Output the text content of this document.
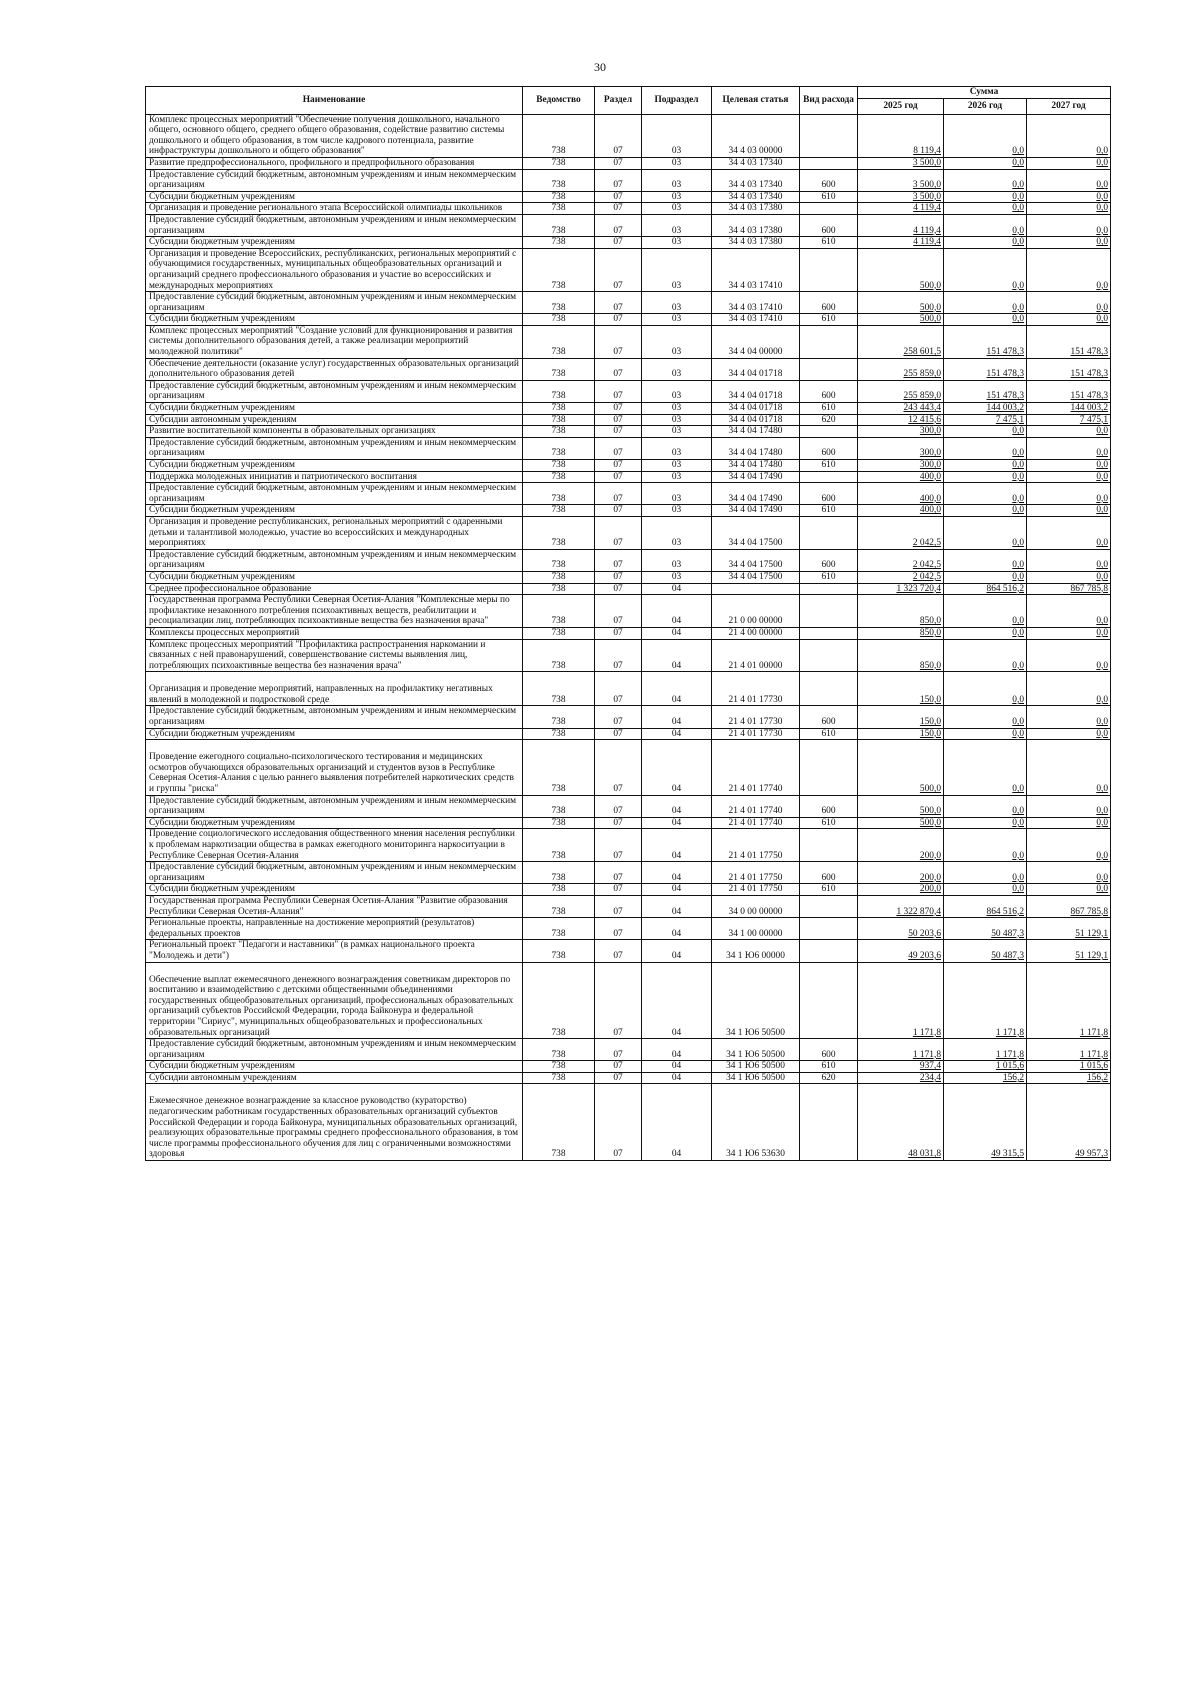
30
Наименование	Ведомство	Раздел	Подраздел	Целевая статья	Вид расхода	Сумма		
						2025 год	2026 год	2027 год
Комплекс процессных мероприятий "Обеспечение получения дошкольного, начального общего, основного общего, среднего общего образования, содействие развитию системы дошкольного и общего образования, в том числе кадрового потенциала, развитие инфраструктуры дошкольного и общего образования"	738	07	03	34 4 03 00000		8 119,4	0,0	0,0
Развитие предпрофессионального, профильного и предпрофильного образования	738	07	03	34 4 03 17340		3 500,0	0,0	0,0
Предоставление субсидий бюджетным, автономным учреждениям и иным некоммерческим организациям	738	07	03	34 4 03 17340	600	3 500,0	0,0	0,0
Субсидии бюджетным учреждениям	738	07	03	34 4 03 17340	610	3 500,0	0,0	0,0
Организация и проведение регионального этапа Всероссийской олимпиады школьников	738	07	03	34 4 03 17380		4 119,4	0,0	0,0
Предоставление субсидий бюджетным, автономным учреждениям и иным некоммерческим организациям	738	07	03	34 4 03 17380	600	4 119,4	0,0	0,0
Субсидии бюджетным учреждениям	738	07	03	34 4 03 17380	610	4 119,4	0,0	0,0
Организация и проведение Всероссийских, республиканских, региональных мероприятий с обучающимися государственных, муниципальных общеобразовательных организаций и организаций среднего профессионального образования и участие во всероссийских и международных мероприятиях	738	07	03	34 4 03 17410		500,0	0,0	0,0
Предоставление субсидий бюджетным, автономным учреждениям и иным некоммерческим организациям	738	07	03	34 4 03 17410	600	500,0	0,0	0,0
Субсидии бюджетным учреждениям	738	07	03	34 4 03 17410	610	500,0	0,0	0,0
Комплекс процессных мероприятий "Создание условий для функционирования и развития системы дополнительного образования детей, а также реализации мероприятий молодежной политики"	738	07	03	34 4 04 00000		258 601,5	151 478,3	151 478,3
Обеспечение деятельности (оказание услуг) государственных образовательных организаций дополнительного образования детей	738	07	03	34 4 04 01718		255 859,0	151 478,3	151 478,3
Предоставление субсидий бюджетным, автономным учреждениям и иным некоммерческим организациям	738	07	03	34 4 04 01718	600	255 859,0	151 478,3	151 478,3
Субсидии бюджетным учреждениям	738	07	03	34 4 04 01718	610	243 443,4	144 003,2	144 003,2
Субсидии автономным учреждениям	738	07	03	34 4 04 01718	620	12 415,6	7 475,1	7 475,1
Развитие воспитательной компоненты в образовательных организациях	738	07	03	34 4 04 17480		300,0	0,0	0,0
Предоставление субсидий бюджетным, автономным учреждениям и иным некоммерческим организациям	738	07	03	34 4 04 17480	600	300,0	0,0	0,0
Субсидии бюджетным учреждениям	738	07	03	34 4 04 17480	610	300,0	0,0	0,0
Поддержка молодежных инициатив и патриотического воспитания	738	07	03	34 4 04 17490		400,0	0,0	0,0
Предоставление субсидий бюджетным, автономным учреждениям и иным некоммерческим организациям	738	07	03	34 4 04 17490	600	400,0	0,0	0,0
Субсидии бюджетным учреждениям	738	07	03	34 4 04 17490	610	400,0	0,0	0,0
Организация и проведение республиканских, региональных мероприятий с одаренными детьми и талантливой молодежью, участие во всероссийских и международных мероприятиях	738	07	03	34 4 04 17500		2 042,5	0,0	0,0
Предоставление субсидий бюджетным, автономным учреждениям и иным некоммерческим организациям	738	07	03	34 4 04 17500	600	2 042,5	0,0	0,0
Субсидии бюджетным учреждениям	738	07	03	34 4 04 17500	610	2 042,5	0,0	0,0
Среднее профессиональное образование	738	07	04			1 323 720,4	864 516,2	867 785,8
Государственная программа Республики Северная Осетия-Алания "Комплексные меры по профилактике незаконного потребления психоактивных веществ, реабилитации и ресоциализации лиц, потребляющих психоактивные вещества без назначения врача"	738	07	04	21 0 00 00000		850,0	0,0	0,0
Комплексы процессных мероприятий	738	07	04	21 4 00 00000		850,0	0,0	0,0
Комплекс процессных мероприятий "Профилактика распространения наркомании и связанных с ней правонарушений, совершенствование системы выявления лиц, потребляющих психоактивные вещества без назначения врача"	738	07	04	21 4 01 00000		850,0	0,0	0,0
Организация и проведение мероприятий, направленных на профилактику негативных явлений в молодежной и подростковой среде	738	07	04	21 4 01 17730		150,0	0,0	0,0
Предоставление субсидий бюджетным, автономным учреждениям и иным некоммерческим организациям	738	07	04	21 4 01 17730	600	150,0	0,0	0,0
Субсидии бюджетным учреждениям	738	07	04	21 4 01 17730	610	150,0	0,0	0,0
Проведение ежегодного социально-психологического тестирования и медицинских осмотров обучающихся образовательных организаций и студентов вузов в Республике Северная Осетия-Алания с целью раннего выявления потребителей наркотических средств и группы "риска"	738	07	04	21 4 01 17740		500,0	0,0	0,0
Предоставление субсидий бюджетным, автономным учреждениям и иным некоммерческим организациям	738	07	04	21 4 01 17740	600	500,0	0,0	0,0
Субсидии бюджетным учреждениям	738	07	04	21 4 01 17740	610	500,0	0,0	0,0
Проведение социологического исследования общественного мнения населения республики к проблемам наркотизации общества в рамках ежегодного мониторинга наркоситуации в Республике Северная Осетия-Алания	738	07	04	21 4 01 17750		200,0	0,0	0,0
Предоставление субсидий бюджетным, автономным учреждениям и иным некоммерческим организациям	738	07	04	21 4 01 17750	600	200,0	0,0	0,0
Субсидии бюджетным учреждениям	738	07	04	21 4 01 17750	610	200,0	0,0	0,0
Государственная программа Республики Северная Осетия-Алания "Развитие образования Республики Северная Осетия-Алания"	738	07	04	34 0 00 00000		1 322 870,4	864 516,2	867 785,8
Региональные проекты, направленные на достижение мероприятий (результатов) федеральных проектов	738	07	04	34 1 00 00000		50 203,6	50 487,3	51 129,1
Региональный проект "Педагоги и наставники" (в рамках национального проекта "Молодежь и дети")	738	07	04	34 1 Ю6 00000		49 203,6	50 487,3	51 129,1
Обеспечение выплат ежемесячного денежного вознаграждения советникам директоров по воспитанию и взаимодействию с детскими общественными объединениями государственных общеобразовательных организаций, профессиональных образовательных организаций субъектов Российской Федерации, города Байконура и федеральной территории "Сириус", муниципальных общеобразовательных и профессиональных образовательных организаций	738	07	04	34 1 Ю6 50500		1 171,8	1 171,8	1 171,8
Предоставление субсидий бюджетным, автономным учреждениям и иным некоммерческим организациям	738	07	04	34 1 Ю6 50500	600	1 171,8	1 171,8	1 171,8
Субсидии бюджетным учреждениям	738	07	04	34 1 Ю6 50500	610	937,4	1 015,6	1 015,6
Субсидии автономным учреждениям	738	07	04	34 1 Ю6 50500	620	234,4	156,2	156,2
Ежемесячное денежное вознаграждение за классное руководство (кураторство) педагогическим работникам государственных образовательных организаций субъектов Российской Федерации и города Байконура, муниципальных образовательных организаций, реализующих образовательные программы среднего профессионального образования, в том числе программы профессионального обучения для лиц с ограниченными возможностями здоровья	738	07	04	34 1 Ю6 53630		48 031,8	49 315,5	49 957,3
